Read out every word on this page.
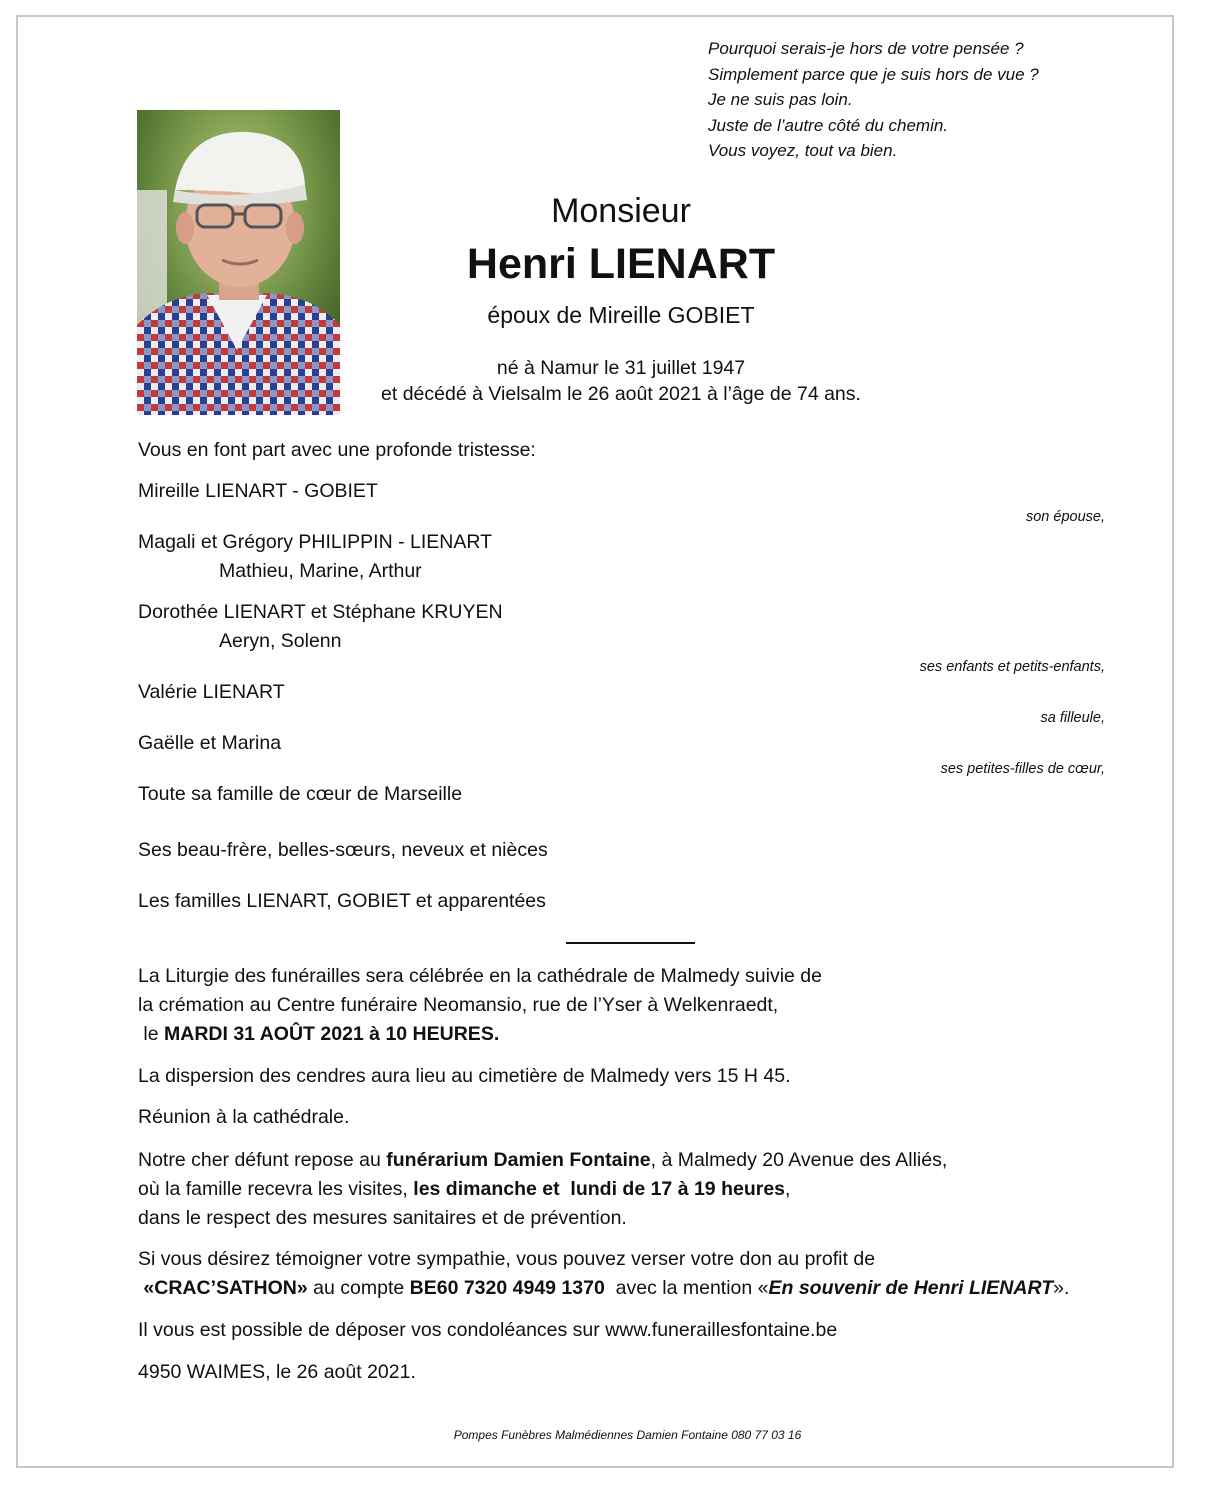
Pourquoi serais-je hors de votre pensée ?
Simplement parce que je suis hors de vue ?
Je ne suis pas loin.
Juste de l’autre côté du chemin.
Vous voyez, tout va bien.
Monsieur
Henri LIENART
époux de Mireille GOBIET
né à Namur le 31 juillet 1947
et décédé à Vielsalm le 26 août 2021 à l’âge de 74 ans.
Vous en font part avec une profonde tristesse:
Mireille LIENART - GOBIET
son épouse,
Magali et Grégory PHILIPPIN - LIENART
Mathieu, Marine, Arthur
Dorothée LIENART et Stéphane KRUYEN
Aeryn, Solenn
ses enfants et petits-enfants,
Valérie LIENART
sa filleule,
Gaëlle et Marina
ses petites-filles de cœur,
Toute sa famille de cœur de Marseille
Ses beau-frère, belles-sœurs, neveux et nièces
Les familles LIENART, GOBIET et apparentées
La Liturgie des funérailles sera célébrée en la cathédrale de Malmedy suivie de
la crémation au Centre funéraire Neomansio, rue de l’Yser à Welkenraedt,
le MARDI 31 AOÛT 2021 à 10 HEURES.
La dispersion des cendres aura lieu au cimetière de Malmedy vers 15 H 45.
Réunion à la cathédrale.
Notre cher défunt repose au funérarium Damien Fontaine, à Malmedy 20 Avenue des Alliés,
où la famille recevra les visites, les dimanche et  lundi de 17 à 19 heures,
dans le respect des mesures sanitaires et de prévention.
Si vous désirez témoigner votre sympathie, vous pouvez verser votre don au profit de
«CRAC’SATHON» au compte BE60 7320 4949 1370  avec la mention «En souvenir de Henri LIENART».
Il vous est possible de déposer vos condoléances sur www.funeraillesfontaine.be
4950 WAIMES, le 26 août 2021.
Pompes Funèbres Malmédiennes Damien Fontaine 080 77 03 16
